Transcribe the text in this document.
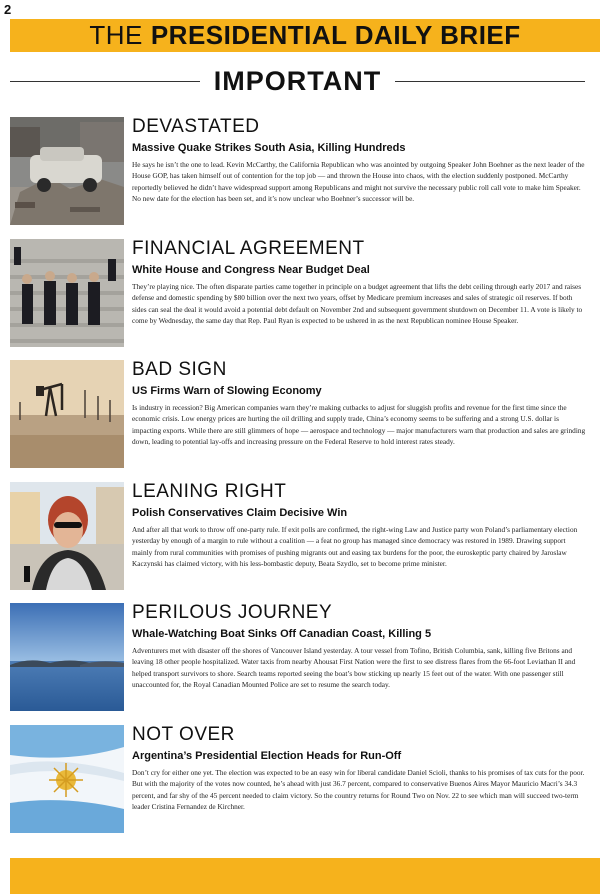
2
THE PRESIDENTIAL DAILY BRIEF
IMPORTANT

DEVASTATED

Massive Quake Strikes South Asia, Killing Hundreds

He says he isn’t the one to lead. Kevin McCarthy, the California Republican who was anointed by outgoing Speaker John Boehner as the next leader of the House GOP, has taken himself out of contention for the top job — and thrown the House into chaos, with the election suddenly postponed. McCarthy reportedly believed he didn’t have widespread support among Republicans and might not survive the necessary public roll call vote to make him Speaker. No new date for the election has been set, and it’s now unclear who Boehner’s successor will be.

FINANCIAL AGREEMENT

White House and Congress Near Budget Deal

They’re playing nice. The often disparate parties came together in principle on a budget agreement that lifts the debt ceiling through early 2017 and raises defense and domestic spending by $80 billion over the next two years, offset by Medicare premium increases and sales of strategic oil reserves. If both sides can seal the deal it would avoid a potential debt default on November 2nd and subsequent government shutdown on December 11. A vote is likely to come by Wednesday, the same day that Rep. Paul Ryan is expected to be ushered in as the next Republican nominee House Speaker.

BAD SIGN

US Firms Warn of Slowing Economy

Is industry in recession? Big American companies warn they’re making cutbacks to adjust for sluggish profits and revenue for the first time since the economic crisis. Low energy prices are hurting the oil drilling and supply trade, China’s economy seems to be suffering and a strong U.S. dollar is impacting exports. While there are still glimmers of hope — aerospace and technology — major manufacturers warn that production and sales are grinding down, leading to potential lay-offs and increasing pressure on the Federal Reserve to hold interest rates steady.

LEANING RIGHT

Polish Conservatives Claim Decisive Win

And after all that work to throw off one-party rule. If exit polls are confirmed, the right-wing Law and Justice party won Poland’s parliamentary election yesterday by enough of a margin to rule without a coalition — a feat no group has managed since democracy was restored in 1989. Drawing support mainly from rural communities with promises of pushing migrants out and easing tax burdens for the poor, the euroskeptic party chaired by Jaroslaw Kaczynski has claimed victory, with his less-bombastic deputy, Beata Szydlo, set to become prime minister.

PERILOUS JOURNEY

Whale-Watching Boat Sinks Off Canadian Coast, Killing 5

Adventurers met with disaster off the shores of Vancouver Island yesterday. A tour vessel from Tofino, British Columbia, sank, killing five Britons and leaving 18 other people hospitalized. Water taxis from nearby Ahousat First Nation were the first to see distress flares from the 66-foot Leviathan II and helped transport survivors to shore. Search teams reported seeing the boat’s bow sticking up nearly 15 feet out of the water. With one passenger still unaccounted for, the Royal Canadian Mounted Police are set to resume the search today.

NOT OVER

Argentina’s Presidential Election Heads for Run-Off

Don’t cry for either one yet. The election was expected to be an easy win for liberal candidate Daniel Scioli, thanks to his promises of tax cuts for the poor. But with the majority of the votes now counted, he’s ahead with just 36.7 percent, compared to conservative Buenos Aires Mayor Mauricio Macri’s 34.3 percent, and far shy of the 45 percent needed to claim victory. So the country returns for Round Two on Nov. 22 to see which man will succeed two-term leader Cristina Fernandez de Kirchner.
